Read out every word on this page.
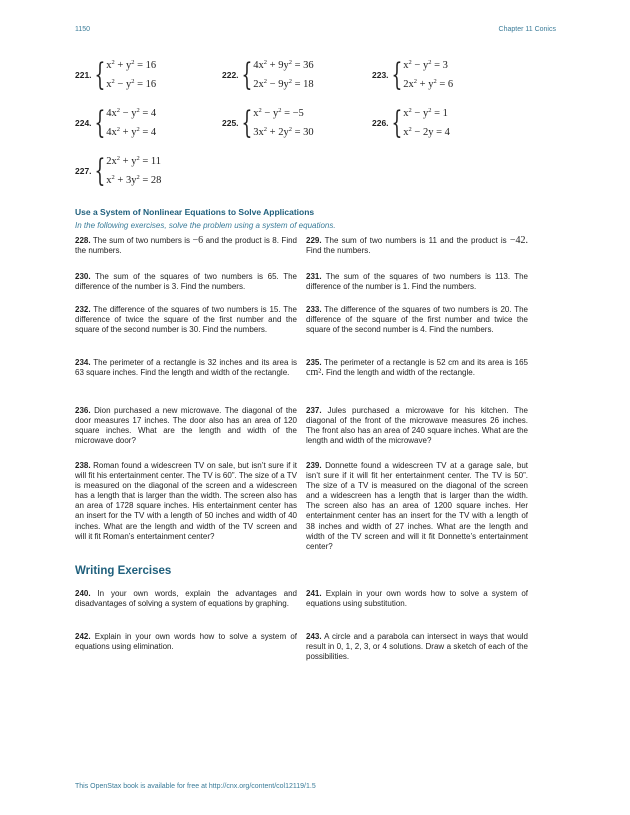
1150	Chapter 11 Conics
221. { $x^2 + y^2 = 16$
$x^2 - y^2 = 16$
222. { $4x^2 + 9y^2 = 36$
$2x^2 - 9y^2 = 18$
223. { $x^2 - y^2 = 3$
$2x^2 + y^2 = 6$
224. { $4x^2 - y^2 = 4$
$4x^2 + y^2 = 4$
225. { $x^2 - y^2 = -5$
$3x^2 + 2y^2 = 30$
226. { $x^2 - y^2 = 1$
$x^2 - 2y = 4$
227. { $2x^2 + y^2 = 11$
$x^2 + 3y^2 = 28$
Use a System of Nonlinear Equations to Solve Applications
In the following exercises, solve the problem using a system of equations.
228. The sum of two numbers is −6 and the product is 8. Find the numbers.
229. The sum of two numbers is 11 and the product is −42. Find the numbers.
230. The sum of the squares of two numbers is 65. The difference of the number is 3. Find the numbers.
231. The sum of the squares of two numbers is 113. The difference of the number is 1. Find the numbers.
232. The difference of the squares of two numbers is 15. The difference of twice the square of the first number and the square of the second number is 30. Find the numbers.
233. The difference of the squares of two numbers is 20. The difference of the square of the first number and twice the square of the second number is 4. Find the numbers.
234. The perimeter of a rectangle is 32 inches and its area is 63 square inches. Find the length and width of the rectangle.
235. The perimeter of a rectangle is 52 cm and its area is 165 cm². Find the length and width of the rectangle.
236. Dion purchased a new microwave. The diagonal of the door measures 17 inches. The door also has an area of 120 square inches. What are the length and width of the microwave door?
237. Jules purchased a microwave for his kitchen. The diagonal of the front of the microwave measures 26 inches. The front also has an area of 240 square inches. What are the length and width of the microwave?
238. Roman found a widescreen TV on sale, but isn’t sure if it will fit his entertainment center. The TV is 60”. The size of a TV is measured on the diagonal of the screen and a widescreen has a length that is larger than the width. The screen also has an area of 1728 square inches. His entertainment center has an insert for the TV with a length of 50 inches and width of 40 inches. What are the length and width of the TV screen and will it fit Roman’s entertainment center?
239. Donnette found a widescreen TV at a garage sale, but isn’t sure if it will fit her entertainment center. The TV is 50”. The size of a TV is measured on the diagonal of the screen and a widescreen has a length that is larger than the width. The screen also has an area of 1200 square inches. Her entertainment center has an insert for the TV with a length of 38 inches and width of 27 inches. What are the length and width of the TV screen and will it fit Donnette’s entertainment center?
Writing Exercises
240. In your own words, explain the advantages and disadvantages of solving a system of equations by graphing.
241. Explain in your own words how to solve a system of equations using substitution.
242. Explain in your own words how to solve a system of equations using elimination.
243. A circle and a parabola can intersect in ways that would result in 0, 1, 2, 3, or 4 solutions. Draw a sketch of each of the possibilities.
This OpenStax book is available for free at http://cnx.org/content/col12119/1.5
